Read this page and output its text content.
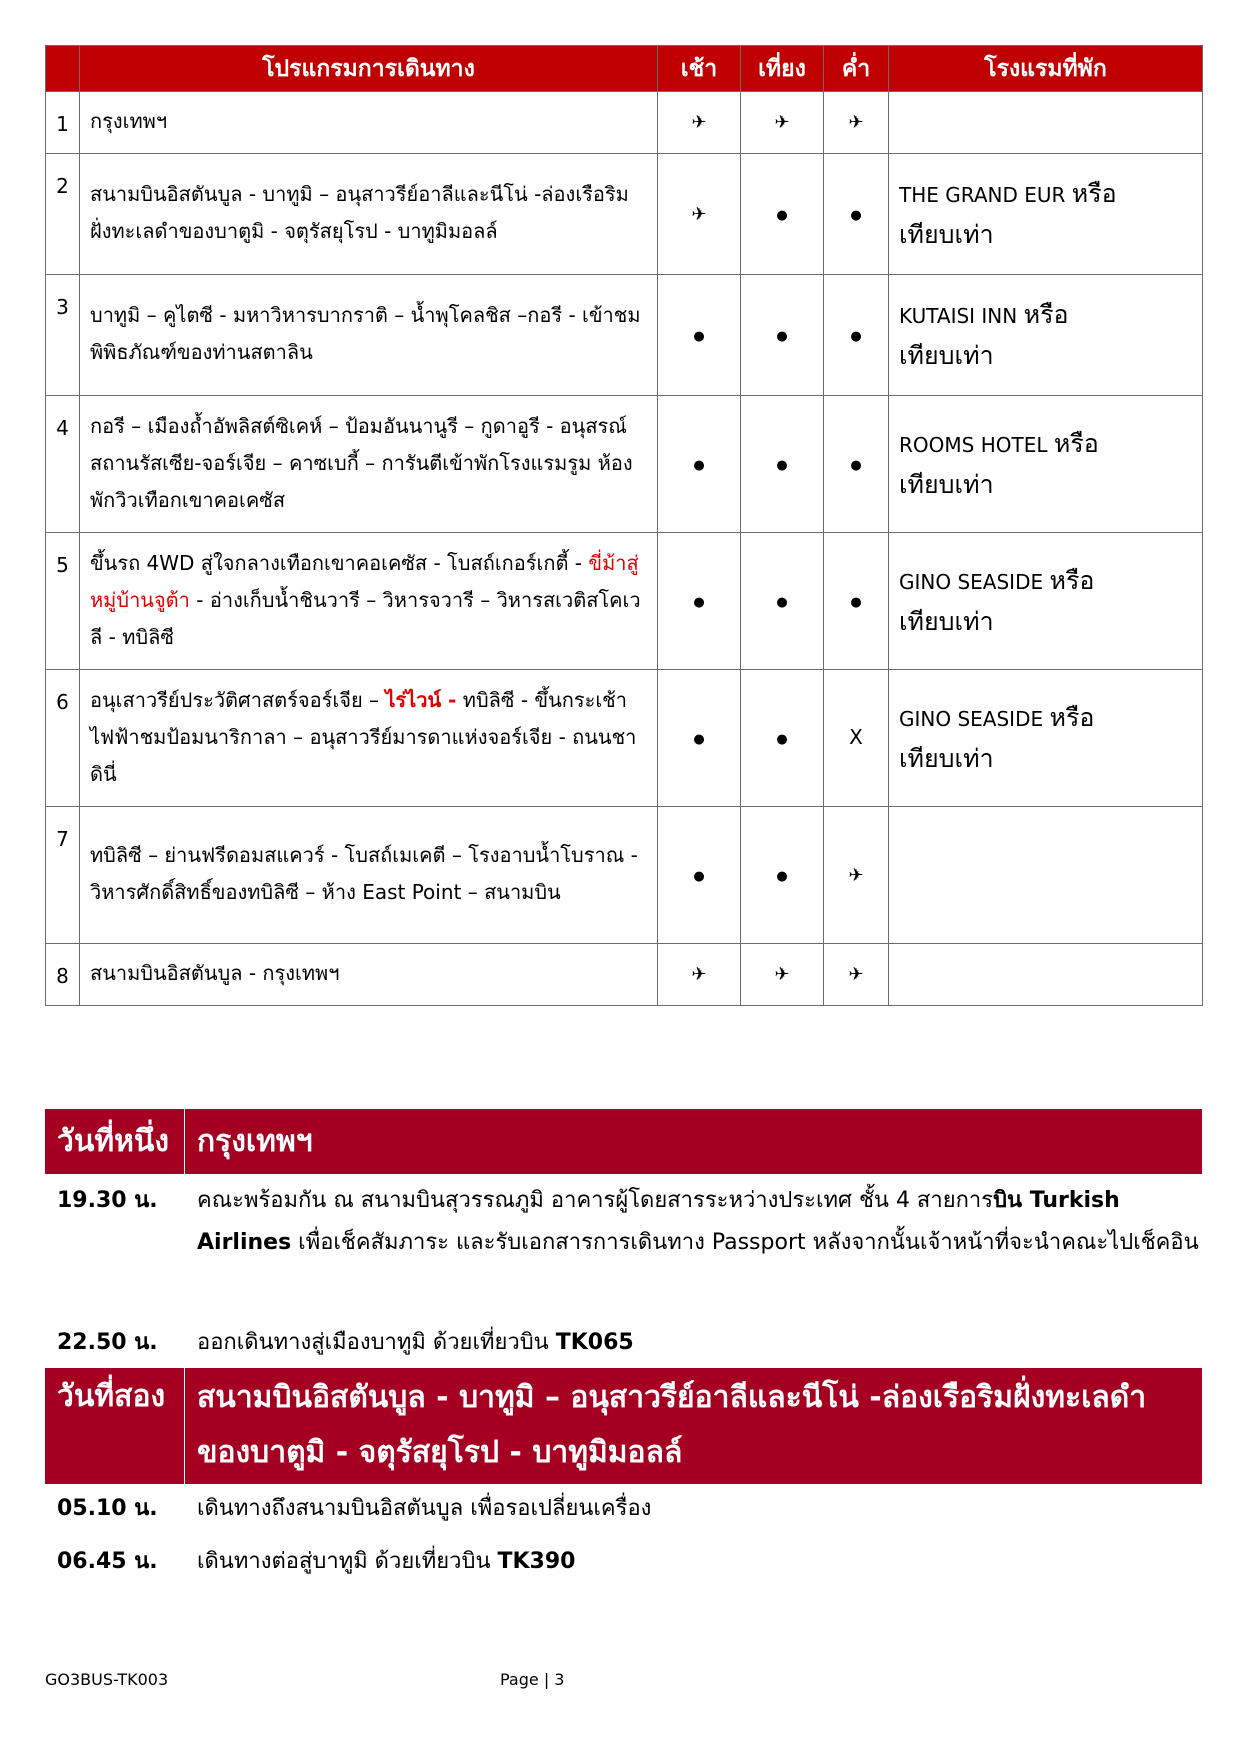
	โปรแกรมการเดินทาง	เช้า	เที่ยง	ค่ำ	โรงแรมที่พัก
1	กรุงเทพฯ	✈	✈	✈	
2	สนามบินอิสตันบูล - บาทูมิ – อนุสาวรีย์อาลีและนีโน่ -ล่องเรือริมฝั่งทะเลดำของบาตูมิ - จตุรัสยุโรป - บาทูมิมอลล์	✈	●	●	THE GRAND EUR หรือ
เทียบเท่า

3	บาทูมิ – คูไตซี - มหาวิหารบากราติ – น้ำพุโคลชิส –กอรี - เข้าชมพิพิธภัณฑ์ของท่านสตาลิน	●	●	●	KUTAISI INN หรือ
เทียบเท่า

4	กอรี – เมืองถ้ำอัพลิสต์ซิเคห์ – ป้อมอันนานูรี – กูดาอูรี - อนุสรณ์สถานรัสเซีย-จอร์เจีย – คาซเบกี้ – การันตีเข้าพักโรงแรมรูม ห้องพักวิวเทือกเขาคอเคซัส	●	●	●	ROOMS HOTEL หรือ
เทียบเท่า

5	ขึ้นรถ 4WD สู่ใจกลางเทือกเขาคอเคซัส - โบสถ์เกอร์เกตี้ - ขี่ม้าสู่หมู่บ้านจูต้า - อ่างเก็บน้ำชินวารี – วิหารจวารี – วิหารสเวติสโคเวลี - ทบิลิซี	●	●	●	GINO SEASIDE หรือ
เทียบเท่า

6	อนุเสาวรีย์ประวัติศาสตร์จอร์เจีย – ไร่ไวน์ - ทบิลิซี - ขึ้นกระเช้าไฟฟ้าชมป้อมนาริกาลา – อนุสาวรีย์มารดาแห่งจอร์เจีย - ถนนชาดินี่	●	●	X	GINO SEASIDE หรือ
เทียบเท่า

7	ทบิลิซี – ย่านฟรีดอมสแควร์ - โบสถ์เมเคตี – โรงอาบน้ำโบราณ - วิหารศักดิ์สิทธิ์ของทบิลิซี – ห้าง East Point – สนามบิน	●	●	✈	
8	สนามบินอิสตันบูล - กรุงเทพฯ	✈	✈	✈	
วันที่หนึ่ง กรุงเทพฯ
19.30 น.	คณะพร้อมกัน ณ สนามบินสุวรรณภูมิ อาคารผู้โดยสารระหว่างประเทศ ชั้น 4 สายการบิน Turkish Airlines เพื่อเช็คสัมภาระ และรับเอกสารการเดินทาง Passport หลังจากนั้นเจ้าหน้าที่จะนำคณะไปเช็คอิน
22.50 น.	ออกเดินทางสู่เมืองบาทูมิ ด้วยเที่ยวบิน TK065
วันที่สอง	สนามบินอิสตันบูล - บาทูมิ – อนุสาวรีย์อาลีและนีโน่ -ล่องเรือริมฝั่งทะเลดำ
ของบาตูมิ - จตุรัสยุโรป - บาทูมิมอลล์
05.10 น.	เดินทางถึงสนามบินอิสตันบูล เพื่อรอเปลี่ยนเครื่อง
06.45 น.	เดินทางต่อสู่บาทูมิ ด้วยเที่ยวบิน TK390
GO3BUS-TK003	Page | 3
